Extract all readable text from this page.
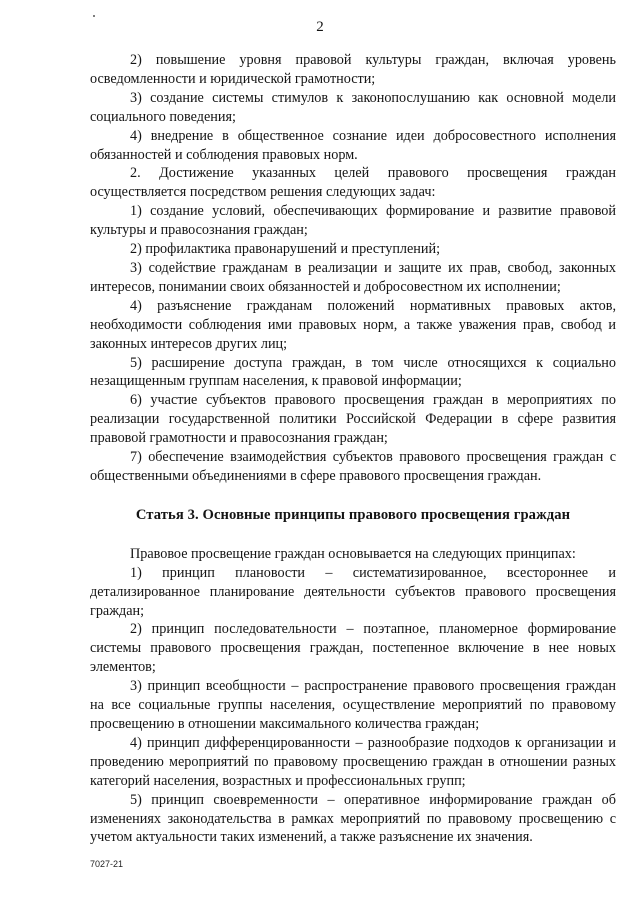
2

2) повышение уровня правовой культуры граждан, включая уровень осведомленности и юридической грамотности;

3) создание системы стимулов к законопослушанию как основной модели социального поведения;

4) внедрение в общественное сознание идеи добросовестного исполнения обязанностей и соблюдения правовых норм.

2. Достижение указанных целей правового просвещения граждан осуществляется посредством решения следующих задач:

1) создание условий, обеспечивающих формирование и развитие правовой культуры и правосознания граждан;

2) профилактика правонарушений и преступлений;

3) содействие гражданам в реализации и защите их прав, свобод, законных интересов, понимании своих обязанностей и добросовестном их исполнении;

4) разъяснение гражданам положений нормативных правовых актов, необходимости соблюдения ими правовых норм, а также уважения прав, свобод и законных интересов других лиц;

5) расширение доступа граждан, в том числе относящихся к социально незащищенным группам населения, к правовой информации;

6) участие субъектов правового просвещения граждан в мероприятиях по реализации государственной политики Российской Федерации в сфере развития правовой грамотности и правосознания граждан;

7) обеспечение взаимодействия субъектов правового просвещения граждан с общественными объединениями в сфере правового просвещения граждан.

Статья 3. Основные принципы правового просвещения граждан

Правовое просвещение граждан основывается на следующих принципах:

1) принцип плановости – систематизированное, всестороннее и детализированное планирование деятельности субъектов правового просвещения граждан;

2) принцип последовательности – поэтапное, планомерное формирование системы правового просвещения граждан, постепенное включение в нее новых элементов;

3) принцип всеобщности – распространение правового просвещения граждан на все социальные группы населения, осуществление мероприятий по правовому просвещению в отношении максимального количества граждан;

4) принцип дифференцированности – разнообразие подходов к организации и проведению мероприятий по правовому просвещению граждан в отношении разных категорий населения, возрастных и профессиональных групп;

5) принцип своевременности – оперативное информирование граждан об изменениях законодательства в рамках мероприятий по правовому просвещению с учетом актуальности таких изменений, а также разъяснение их значения.

7027-21
